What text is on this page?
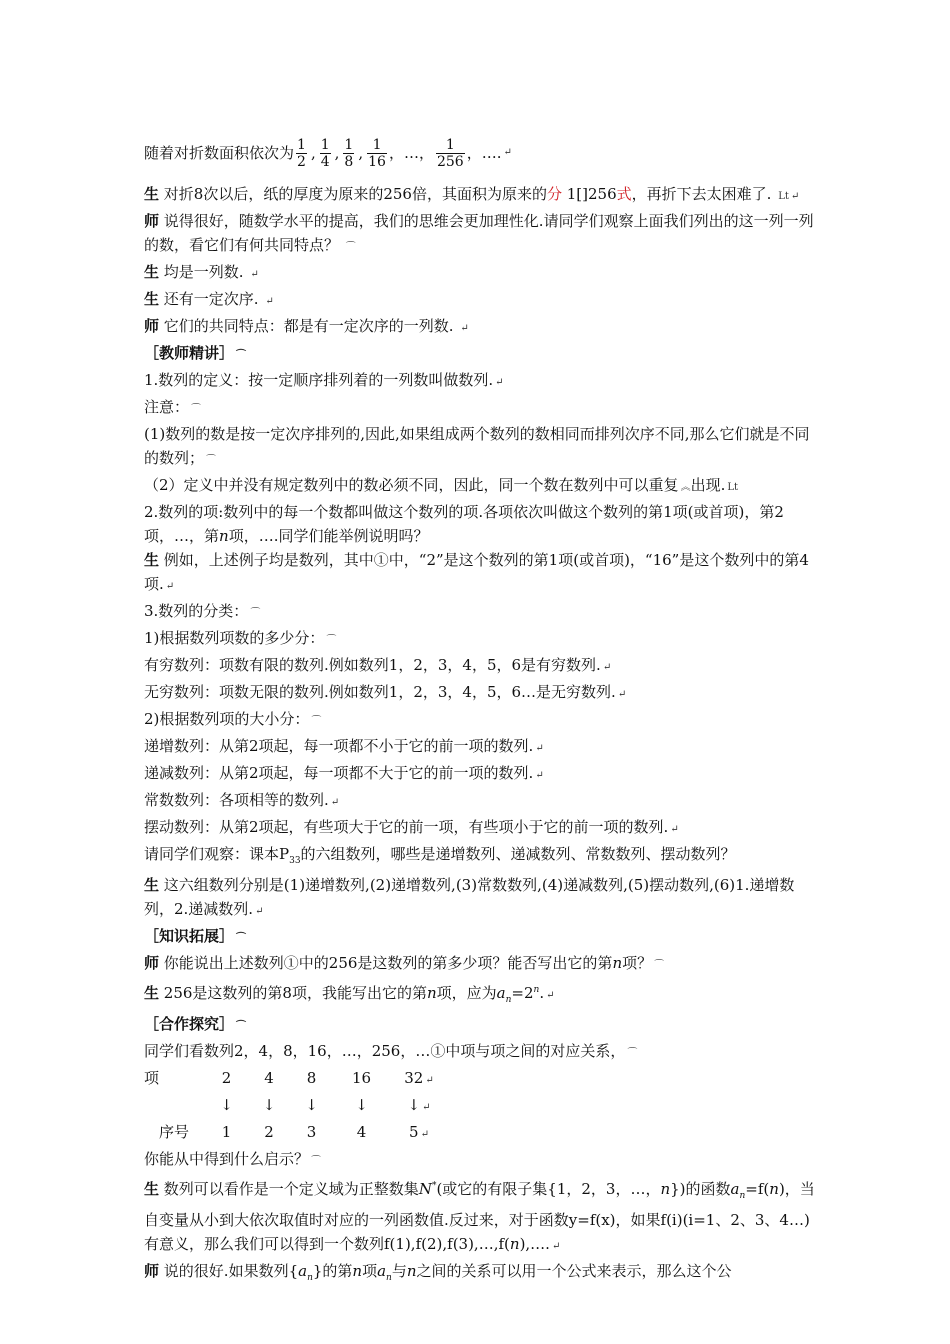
随着对折数面积依次为 $\frac{1}{2}$ , $\frac{1}{4}$ , $\frac{1}{8}$ , $\frac{1}{16}$ ，…， $\frac{1}{256}$ ，…. ↵
生 对折8次以后，纸的厚度为原来的256倍，其面积为原来的分 1[]256式，再折下去太困难了. Lt ↵
师 说得很好，随数学水平的提高，我们的思维会更加理性化.请同学们观察上面我们列出的这一列一列的数，看它们有何共同特点？ ⌒
生 均是一列数. ↵
生 还有一定次序. ↵
师 它们的共同特点：都是有一定次序的一列数. ↵
［教师精讲］ ⌒
1.数列的定义：按一定顺序排列着的一列数叫做数列. ↵
注意： ⌒
(1)数列的数是按一定次序排列的,因此,如果组成两个数列的数相同而排列次序不同,那么它们就是不同的数列； ⌒
（2）定义中并没有规定数列中的数必须不同，因此，同一个数在数列中可以重复 ︽出现. Lt
2.数列的项:数列中的每一个数都叫做这个数列的项.各项依次叫做这个数列的第1项(或首项)，第2项，…，第n项，….同学们能举例说明吗？
生 例如，上述例子均是数列，其中①中，“2”是这个数列的第1项(或首项)，“16”是这个数列中的第4项. ↵
3.数列的分类： ⌒
1)根据数列项数的多少分： ⌒
有穷数列：项数有限的数列.例如数列1，2，3，4，5，6是有穷数列. ↵
无穷数列：项数无限的数列.例如数列1，2，3，4，5，6…是无穷数列. ↵
2)根据数列项的大小分： ⌒
递增数列：从第2项起，每一项都不小于它的前一项的数列. ↵
递减数列：从第2项起，每一项都不大于它的前一项的数列. ↵
常数数列：各项相等的数列. ↵
摆动数列：从第2项起，有些项大于它的前一项，有些项小于它的前一项的数列. ↵
请同学们观察：课本$P_{33}$的六组数列，哪些是递增数列、递减数列、常数数列、摆动数列？
生 这六组数列分别是(1)递增数列,(2)递增数列,(3)常数数列,(4)递减数列,(5)摆动数列,(6)1.递增数列，2.递减数列. ↵
［知识拓展］ ⌒
师 你能说出上述数列①中的256是这数列的第多少项？能否写出它的第n项？ ⌒
生 256是这数列的第8项，我能写出它的第n项，应为$a_n=2^n$. ↵
［合作探究］ ⌒
同学们看数列2，4，8，16，…，256，…①中项与项之间的对应关系， ⌒
项	2	4	8	16	32 ↵
↓	↓	↓	↓	↓ ↵
序号	1	2	3	4	5 ↵
你能从中得到什么启示？ ⌒
生 数列可以看作是一个定义域为正整数集N*(或它的有限子集{1，2，3，…，n})的函数$a_n=f(n)$，当自变量从小到大依次取值时对应的一列函数值.反过来，对于函数y=f(x)，如果f(i)(i=1、2、3、4…)有意义，那么我们可以得到一个数列f(1),f(2),f(3),…,f(n),…. ↵
师 说的很好.如果数列$\{a_n\}$的第n项$a_n$与n之间的关系可以用一个公式来表示，那么这个公
